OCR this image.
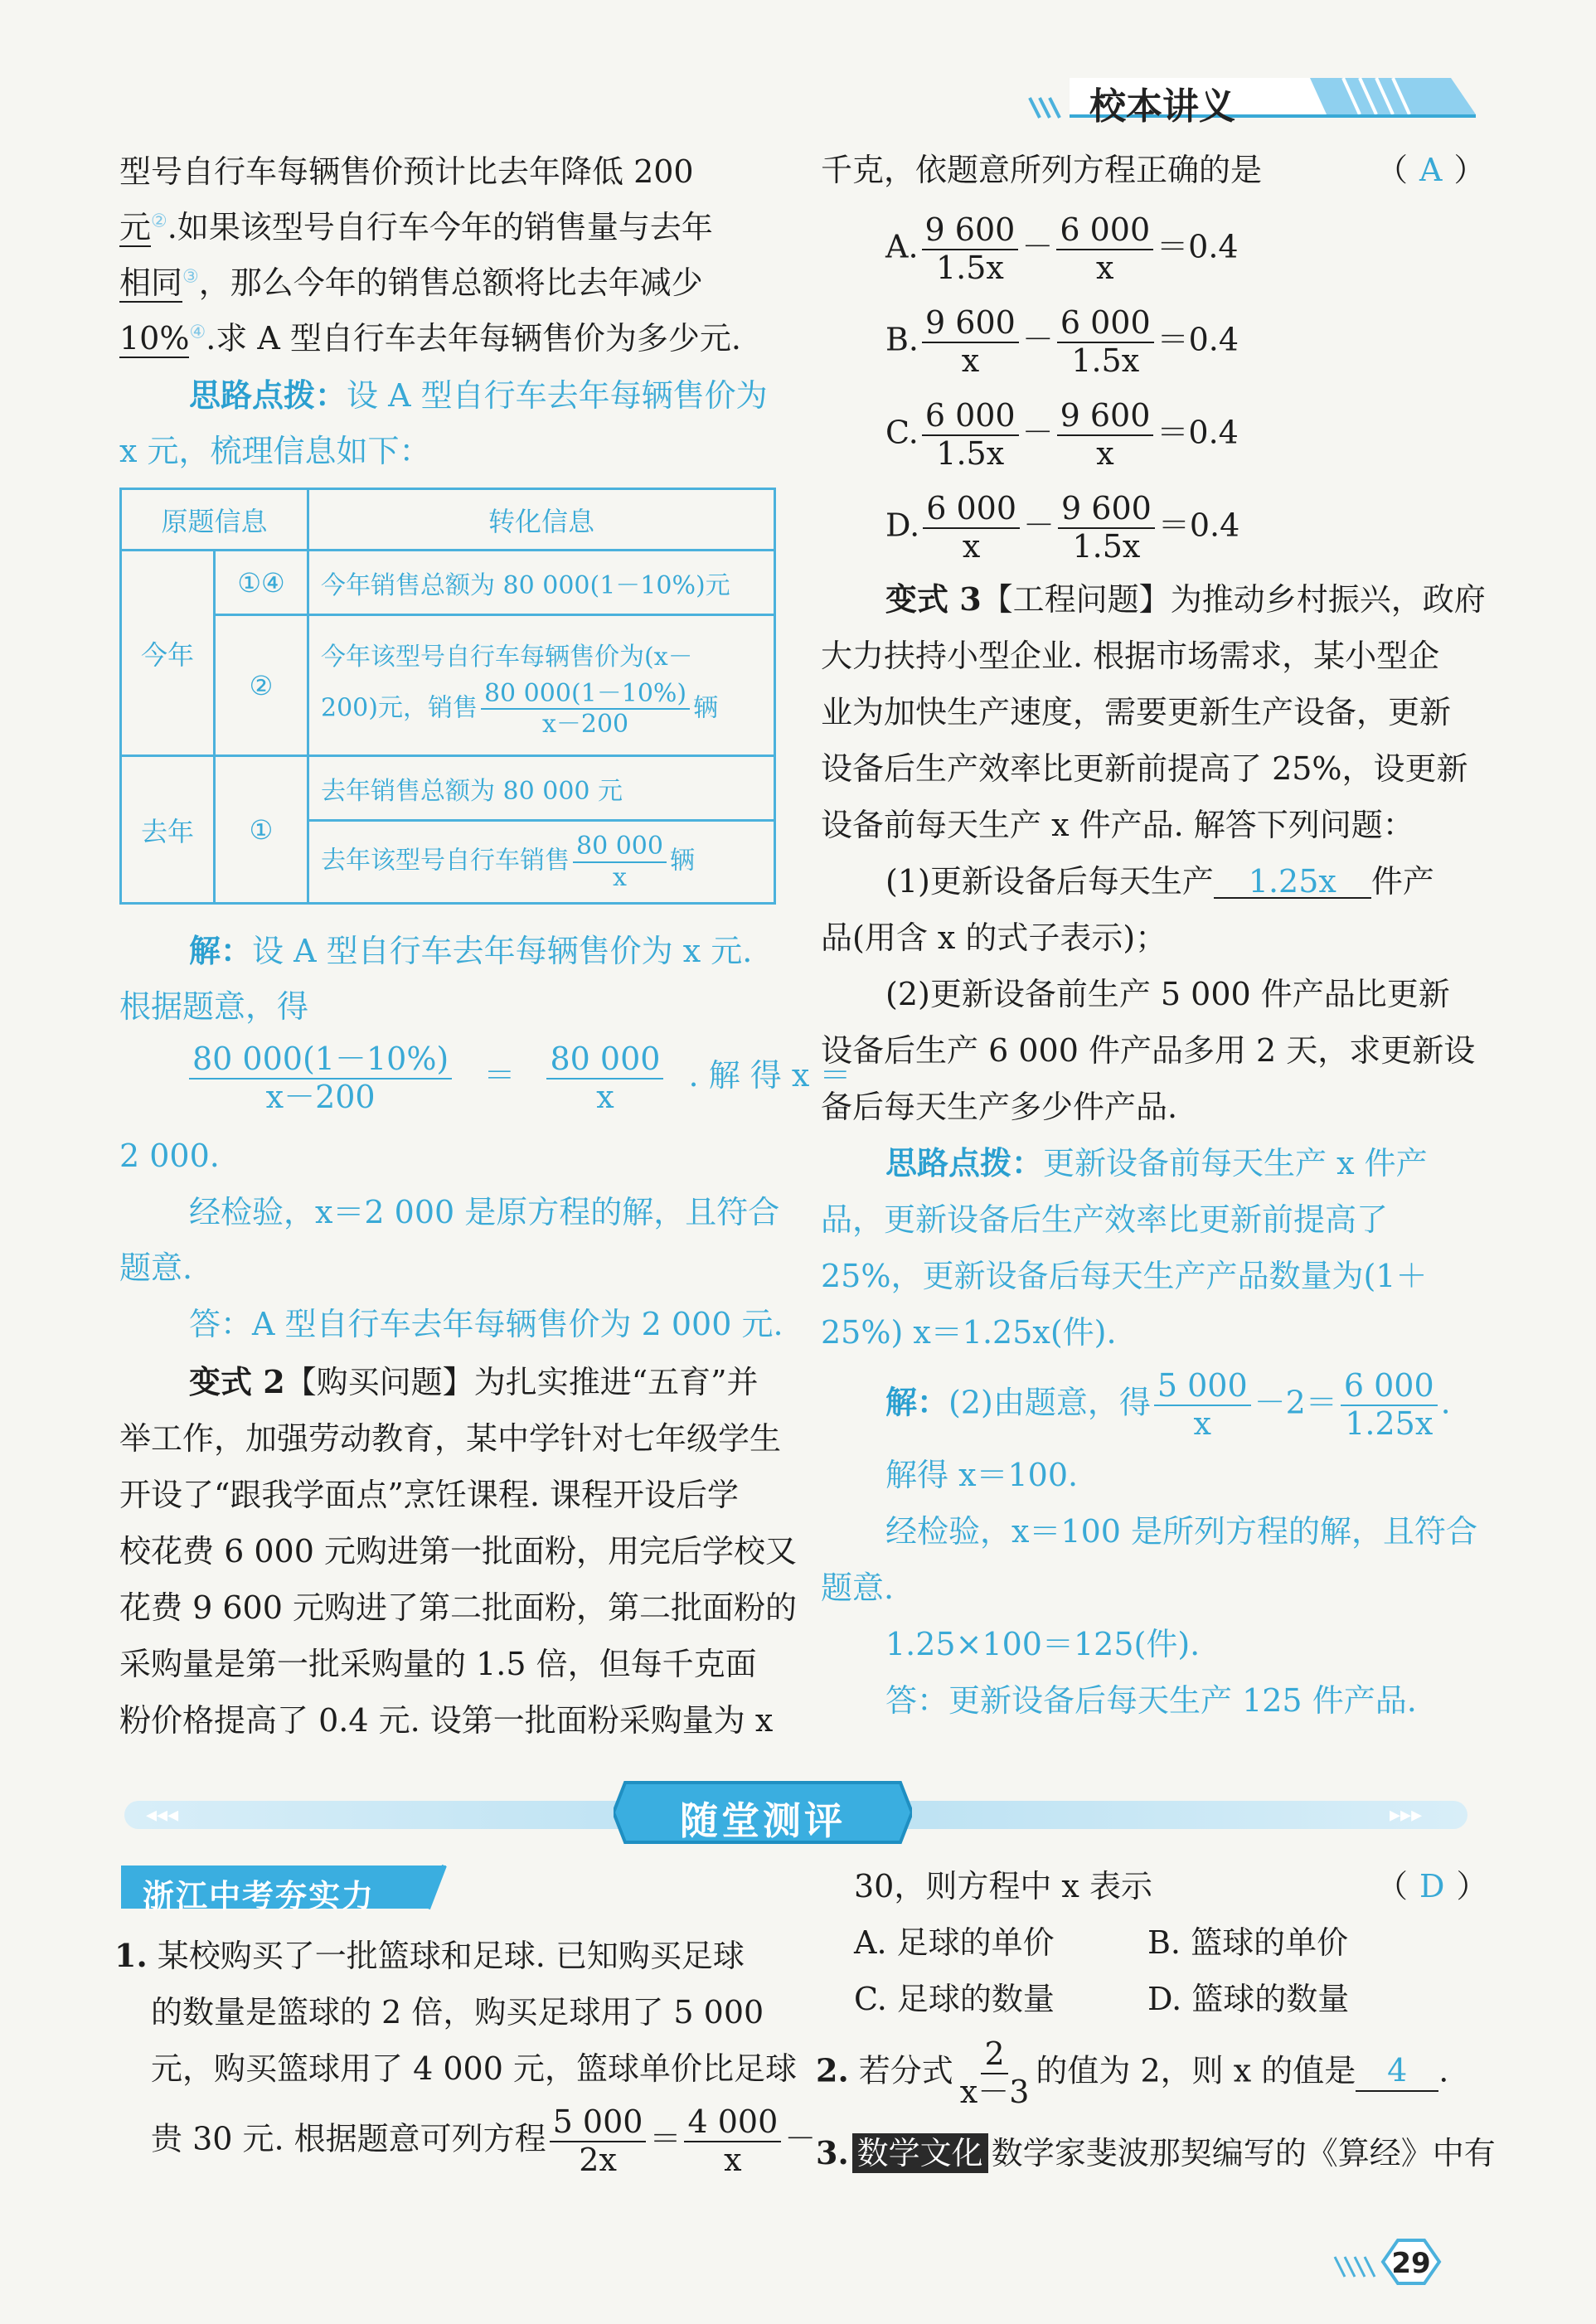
校本讲义
型号自行车每辆售价预计比去年降低 200
元②.如果该型号自行车今年的销售量与去年
相同③，那么今年的销售总额将比去年减少
10%④.求 A 型自行车去年每辆售价为多少元.
思路点拨：设 A 型自行车去年每辆售价为
x 元，梳理信息如下：
原题信息		转化信息
今年	①④	今年销售总额为 80 000(1－10%)元
	②	今年该型号自行车每辆售价为(x－
200)元，销售 $\frac{80 000(1-10\%)}{x-200}$ 辆

去年	①	去年销售总额为 80 000 元
		去年该型号自行车销售 $\frac{80 000}{x}$ 辆
解：设 A 型自行车去年每辆售价为 x 元.
根据题意，得
$\frac{80 000(1-10\%)}{x-200} = \frac{80 000}{x}$ . 解 得 x ＝
2 000.
经检验，x＝2 000 是原方程的解，且符合
题意.
答：A 型自行车去年每辆售价为 2 000 元.
变式 2【购买问题】为扎实推进“五育”并
举工作，加强劳动教育，某中学针对七年级学生
开设了“跟我学面点”烹饪课程. 课程开设后学
校花费 6 000 元购进第一批面粉，用完后学校又
花费 9 600 元购进了第二批面粉，第二批面粉的
采购量是第一批采购量的 1.5 倍，但每千克面
粉价格提高了 0.4 元. 设第一批面粉采购量为 x
千克，依题意所列方程正确的是	（ A ）
A. $\frac{9 600}{1.5x} - \frac{6 000}{x} =0.4$
B. $\frac{9 600}{x} - \frac{6 000}{1.5x} =0.4$
C. $\frac{6 000}{1.5x} - \frac{9 600}{x} =0.4$
D. $\frac{6 000}{x} - \frac{9 600}{1.5x} =0.4$
变式 3【工程问题】为推动乡村振兴，政府
大力扶持小型企业. 根据市场需求，某小型企
业为加快生产速度，需要更新生产设备，更新
设备后生产效率比更新前提高了 25%，设更新
设备前每天生产 x 件产品. 解答下列问题：
(1)更新设备后每天生产 1.25x 件产
品(用含 x 的式子表示)；
(2)更新设备前生产 5 000 件产品比更新
设备后生产 6 000 件产品多用 2 天，求更新设
备后每天生产多少件产品.
思路点拨：更新设备前每天生产 x 件产
品，更新设备后生产效率比更新前提高了
25%，更新设备后每天生产产品数量为(1＋
25%) x＝1.25x(件).
解：(2)由题意，得 $\frac{5 000}{x} -2= \frac{6 000}{1.25x}$ .
解得 x＝100.
经检验，x＝100 是所列方程的解，且符合
题意.
1.25×100＝125(件).
答：更新设备后每天生产 125 件产品.
◂◂◂	▸▸▸
随堂测评
浙江中考夯实力
1. 某校购买了一批篮球和足球. 已知购买足球
的数量是篮球的 2 倍，购买足球用了 5 000
元，购买篮球用了 4 000 元，篮球单价比足球
贵 30 元. 根据题意可列方程 $\frac{5 000}{2x} = \frac{4 000}{x}$ －
30，则方程中 x 表示	（ D ）
A. 足球的单价	B. 篮球的单价
C. 足球的数量	D. 篮球的数量
2. 若分式 $\frac{2}{x-3}$ 的值为 2，则 x 的值是 4 .
3. 数学文化 数学家斐波那契编写的《算经》中有
29
